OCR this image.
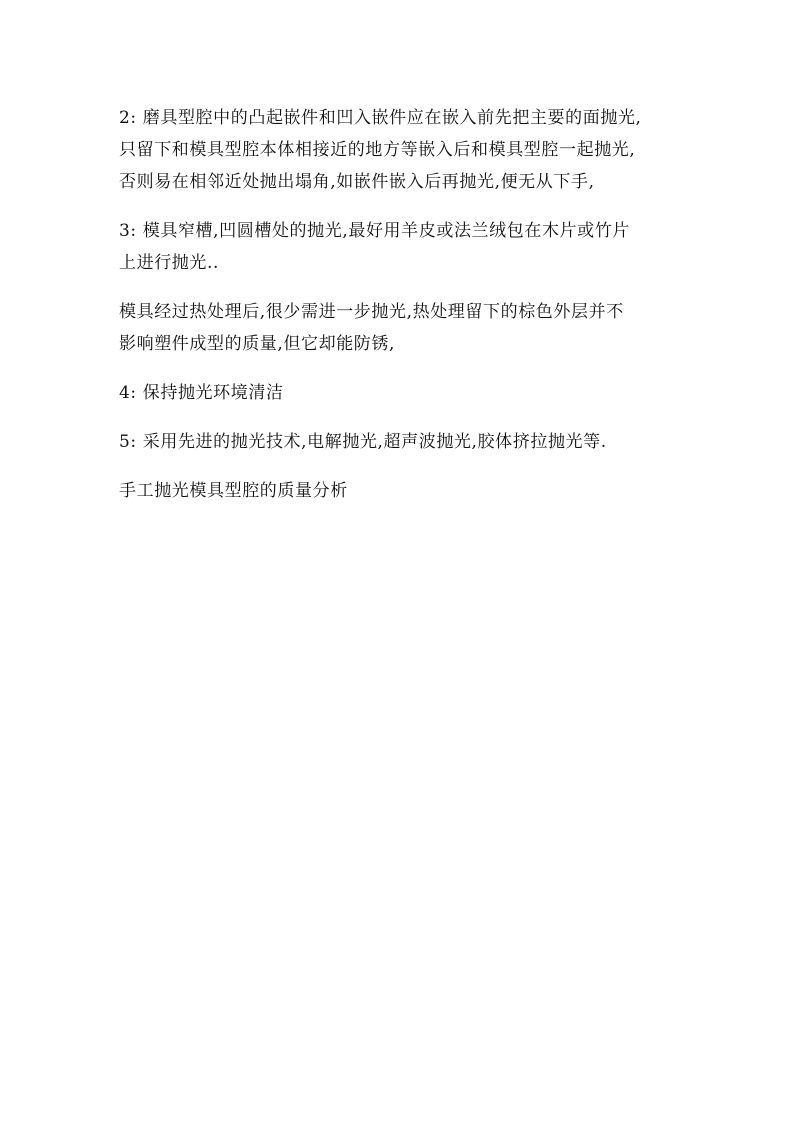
2: 磨具型腔中的凸起嵌件和凹入嵌件应在嵌入前先把主要的面抛光,
只留下和模具型腔本体相接近的地方等嵌入后和模具型腔一起抛光,
否则易在相邻近处抛出塌角,如嵌件嵌入后再抛光,便无从下手,

3: 模具窄槽,凹圆槽处的抛光,最好用羊皮或法兰绒包在木片或竹片
上进行抛光..

模具经过热处理后,很少需进一步抛光,热处理留下的棕色外层并不
影响塑件成型的质量,但它却能防锈,

4: 保持抛光环境清洁

5: 采用先进的抛光技术,电解抛光,超声波抛光,胶体挤拉抛光等.

手工抛光模具型腔的质量分析
